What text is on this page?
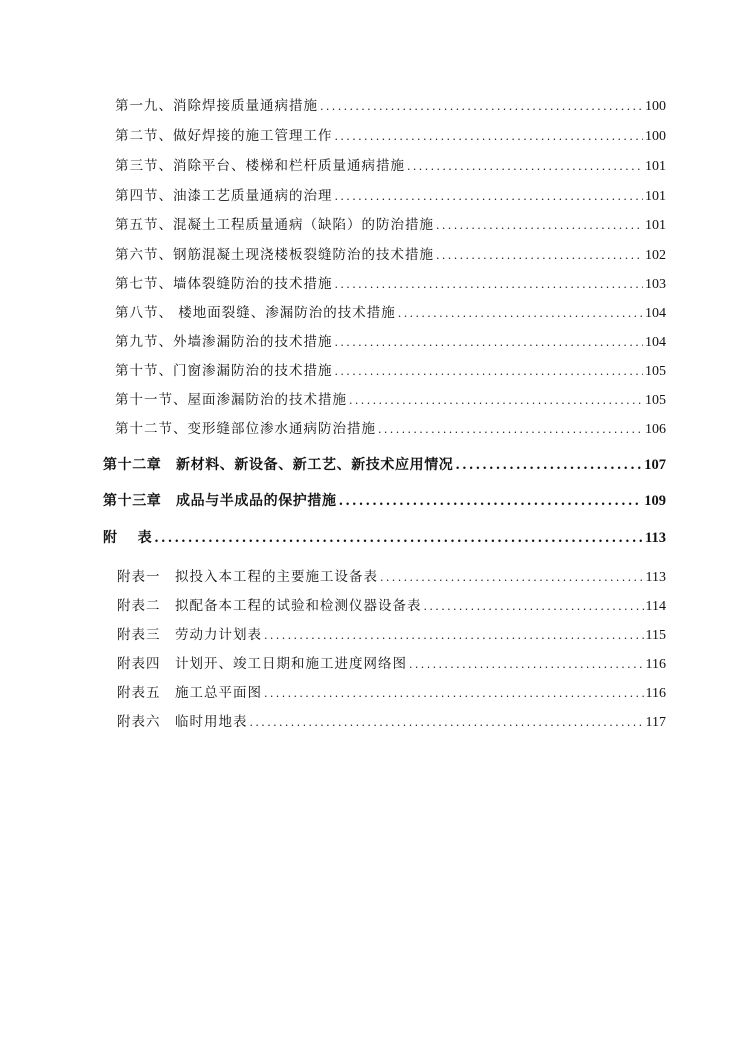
第一九、消除焊接质量通病措施 .....	100
第二节、做好焊接的施工管理工作 .....	100
第三节、消除平台、楼梯和栏杆质量通病措施 .....	101
第四节、油漆工艺质量通病的治理 .....	101
第五节、混凝土工程质量通病（缺陷）的防治措施 .....	101
第六节、钢筋混凝土现浇楼板裂缝防治的技术措施 .....	102
第七节、墙体裂缝防治的技术措施 .....	103
第八节、 楼地面裂缝、渗漏防治的技术措施 .....	104
第九节、外墙渗漏防治的技术措施 .....	104
第十节、门窗渗漏防治的技术措施 .....	105
第十一节、屋面渗漏防治的技术措施 .....	105
第十二节、变形缝部位渗水通病防治措施 .....	106
第十二章　新材料、新设备、新工艺、新技术应用情况 .....	107
第十三章　成品与半成品的保护措施 .....	109
附　 表 .....	113
附表一　拟投入本工程的主要施工设备表 .....	113
附表二　拟配备本工程的试验和检测仪器设备表 .....	114
附表三　劳动力计划表 .....	115
附表四　计划开、竣工日期和施工进度网络图 .....	116
附表五　施工总平面图 .....	116
附表六　临时用地表 .....	117
